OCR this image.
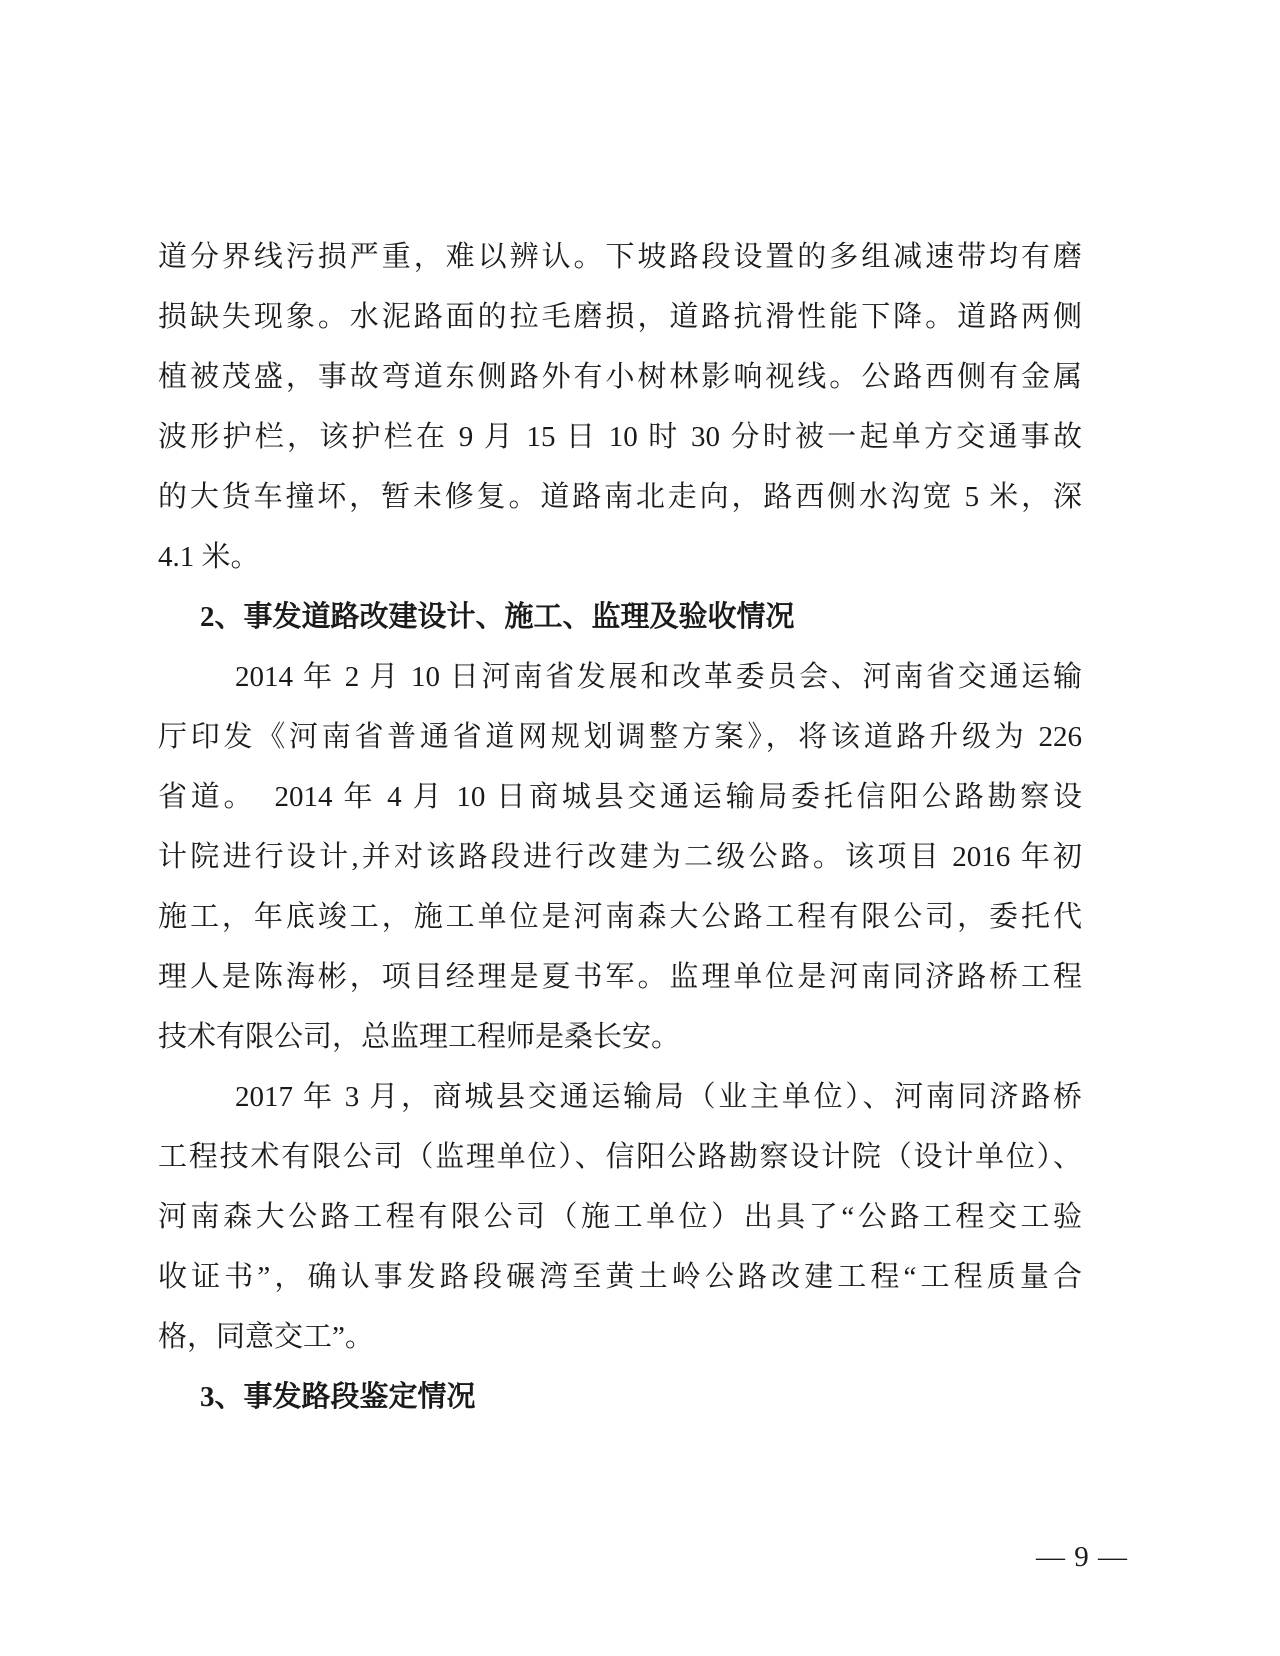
道分界线污损严重，难以辨认。下坡路段设置的多组减速带均有磨
损缺失现象。水泥路面的拉毛磨损，道路抗滑性能下降。道路两侧
植被茂盛，事故弯道东侧路外有小树林影响视线。公路西侧有金属
波形护栏，该护栏在 9 月 15 日 10 时 30 分时被一起单方交通事故
的大货车撞坏，暂未修复。道路南北走向，路西侧水沟宽 5 米，深
4.1 米。
2、事发道路改建设计、施工、监理及验收情况
2014 年 2 月 10 日河南省发展和改革委员会、河南省交通运输
厅印发《河南省普通省道网规划调整方案》，将该道路升级为 226
省道。　2014 年 4 月 10 日商城县交通运输局委托信阳公路勘察设
计院进行设计,并对该路段进行改建为二级公路。该项目 2016 年初
施工，年底竣工，施工单位是河南森大公路工程有限公司，委托代
理人是陈海彬，项目经理是夏书军。监理单位是河南同济路桥工程
技术有限公司，总监理工程师是桑长安。
2017 年 3 月，商城县交通运输局（业主单位）、河南同济路桥
工程技术有限公司（监理单位）、信阳公路勘察设计院（设计单位）、
河南森大公路工程有限公司（施工单位）出具了“公路工程交工验
收证书”，确认事发路段碾湾至黄土岭公路改建工程“工程质量合
格，同意交工”。
3、事发路段鉴定情况
— 9 —
